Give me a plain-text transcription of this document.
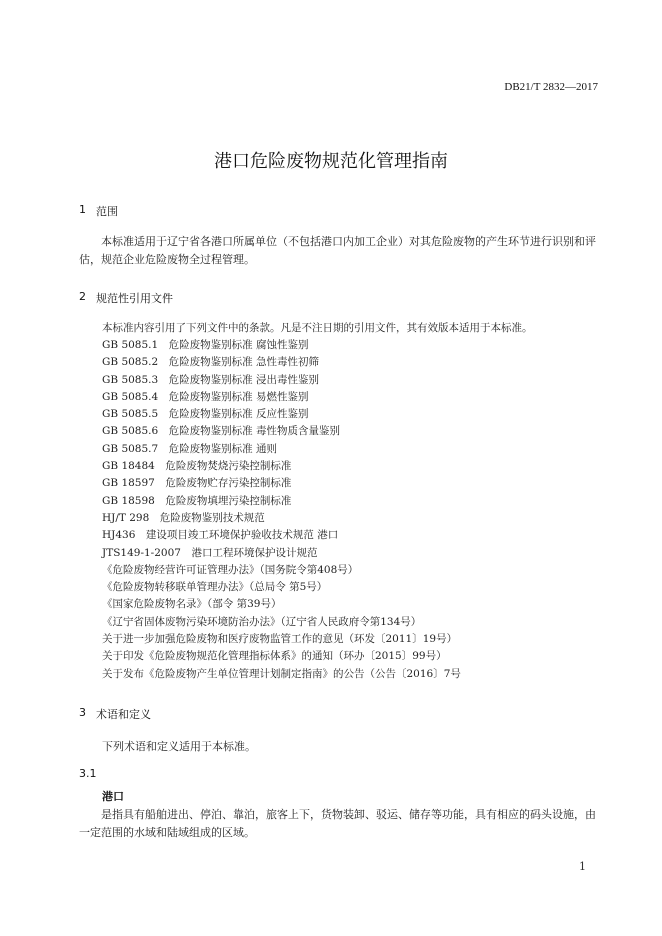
DB21/T 2832—2017
港口危险废物规范化管理指南
1 范围
本标准适用于辽宁省各港口所属单位（不包括港口内加工企业）对其危险废物的产生环节进行识别和评估，规范企业危险废物全过程管理。
2 规范性引用文件
本标准内容引用了下列文件中的条款。凡是不注日期的引用文件，其有效版本适用于本标准。
GB 5085.1　危险废物鉴别标准 腐蚀性鉴别
GB 5085.2　危险废物鉴别标准 急性毒性初筛
GB 5085.3　危险废物鉴别标准 浸出毒性鉴别
GB 5085.4　危险废物鉴别标准 易燃性鉴别
GB 5085.5　危险废物鉴别标准 反应性鉴别
GB 5085.6　危险废物鉴别标准 毒性物质含量鉴别
GB 5085.7　危险废物鉴别标准 通则
GB 18484　危险废物焚烧污染控制标准
GB 18597　危险废物贮存污染控制标准
GB 18598　危险废物填埋污染控制标准
HJ/T 298　危险废物鉴别技术规范
HJ436　建设项目竣工环境保护验收技术规范 港口
JTS149-1-2007　港口工程环境保护设计规范
《危险废物经营许可证管理办法》（国务院令第408号）
《危险废物转移联单管理办法》（总局令 第5号）
《国家危险废物名录》（部令 第39号）
《辽宁省固体废物污染环境防治办法》（辽宁省人民政府令第134号）
关于进一步加强危险废物和医疗废物监管工作的意见（环发〔2011〕19号）
关于印发《危险废物规范化管理指标体系》的通知（环办〔2015〕99号）
关于发布《危险废物产生单位管理计划制定指南》的公告（公告〔2016〕7号
3 术语和定义
下列术语和定义适用于本标准。
3.1
港口
是指具有船舶进出、停泊、靠泊，旅客上下，货物装卸、驳运、储存等功能，具有相应的码头设施，由一定范围的水域和陆域组成的区域。
1
